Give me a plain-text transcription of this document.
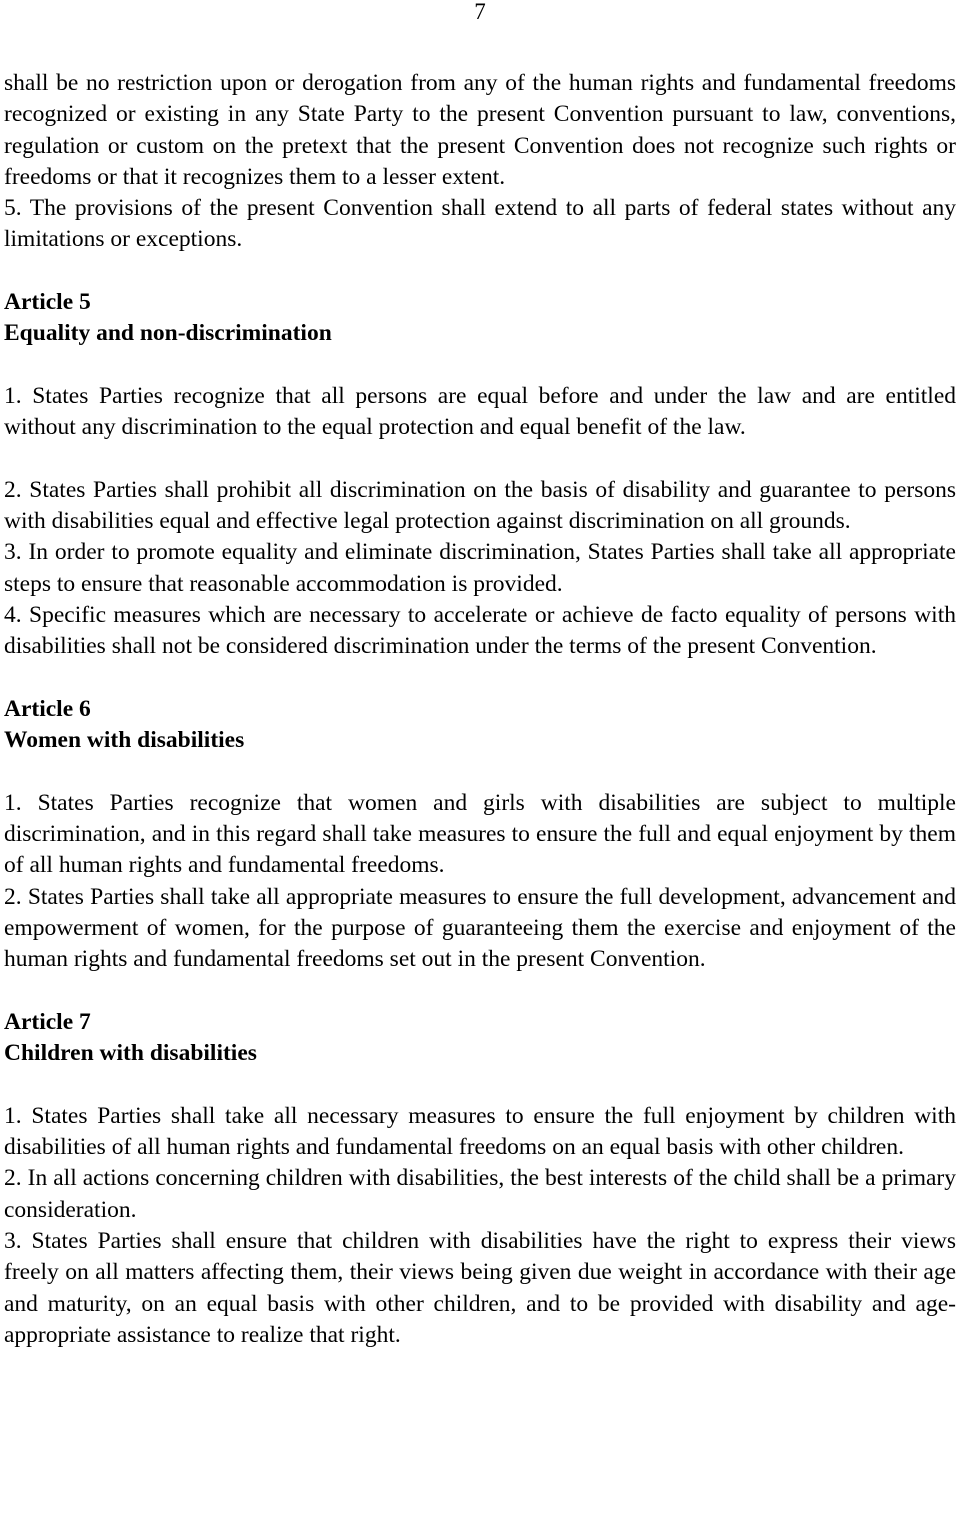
7

shall be no restriction upon or derogation from any of the human rights and fundamental freedoms recognized or existing in any State Party to the present Convention pursuant to law, conventions, regulation or custom on the pretext that the present Convention does not recognize such rights or freedoms or that it recognizes them to a lesser extent.

5. The provisions of the present Convention shall extend to all parts of federal states without any limitations or exceptions.

Article 5

Equality and non-discrimination

1. States Parties recognize that all persons are equal before and under the law and are entitled without any discrimination to the equal protection and equal benefit of the law.

2. States Parties shall prohibit all discrimination on the basis of disability and guarantee to persons with disabilities equal and effective legal protection against discrimination on all grounds.

3. In order to promote equality and eliminate discrimination, States Parties shall take all appropriate steps to ensure that reasonable accommodation is provided.

4. Specific measures which are necessary to accelerate or achieve de facto equality of persons with disabilities shall not be considered discrimination under the terms of the present Convention.

Article 6

Women with disabilities

1. States Parties recognize that women and girls with disabilities are subject to multiple discrimination, and in this regard shall take measures to ensure the full and equal enjoyment by them of all human rights and fundamental freedoms.

2. States Parties shall take all appropriate measures to ensure the full development, advancement and empowerment of women, for the purpose of guaranteeing them the exercise and enjoyment of the human rights and fundamental freedoms set out in the present Convention.

Article 7

Children with disabilities

1. States Parties shall take all necessary measures to ensure the full enjoyment by children with disabilities of all human rights and fundamental freedoms on an equal basis with other children.

2. In all actions concerning children with disabilities, the best interests of the child shall be a primary consideration.

3. States Parties shall ensure that children with disabilities have the right to express their views freely on all matters affecting them, their views being given due weight in accordance with their age and maturity, on an equal basis with other children, and to be provided with disability and age-appropriate assistance to realize that right.
